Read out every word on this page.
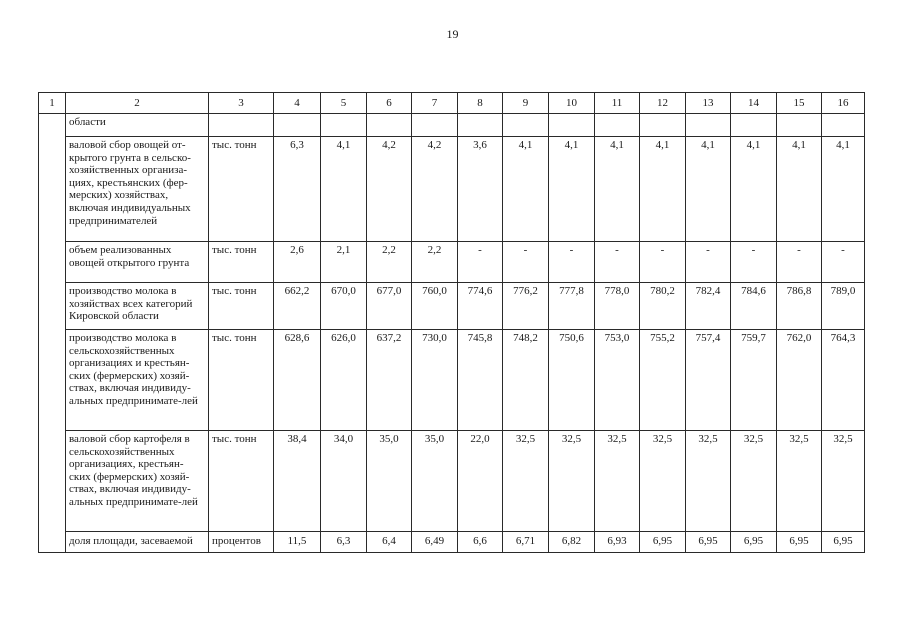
19
1	2	3	4	5	6	7	8	9	10	11	12	13	14	15	16
	области														
	валовой сбор овощей от-крытого грунта в сельско-хозяйственных организа-циях, крестьянских (фер-мерских) хозяйствах, включая индивидуальных предпринимателей	тыс. тонн	6,3	4,1	4,2	4,2	3,6	4,1	4,1	4,1	4,1	4,1	4,1	4,1	4,1
	объем реализованных овощей открытого грунта	тыс. тонн	2,6	2,1	2,2	2,2	-	-	-	-	-	-	-	-	-
	производство молока в хозяйствах всех категорий Кировской области	тыс. тонн	662,2	670,0	677,0	760,0	774,6	776,2	777,8	778,0	780,2	782,4	784,6	786,8	789,0
	производство молока в сельскохозяйственных организациях и крестьян-ских (фермерских) хозяй-ствах, включая индивиду-альных предпринимате-лей	тыс. тонн	628,6	626,0	637,2	730,0	745,8	748,2	750,6	753,0	755,2	757,4	759,7	762,0	764,3
	валовой сбор картофеля в сельскохозяйственных организациях, крестьян-ских (фермерских) хозяй-ствах, включая индивиду-альных предпринимате-лей	тыс. тонн	38,4	34,0	35,0	35,0	22,0	32,5	32,5	32,5	32,5	32,5	32,5	32,5	32,5
	доля площади, засеваемой	процентов	11,5	6,3	6,4	6,49	6,6	6,71	6,82	6,93	6,95	6,95	6,95	6,95	6,95
